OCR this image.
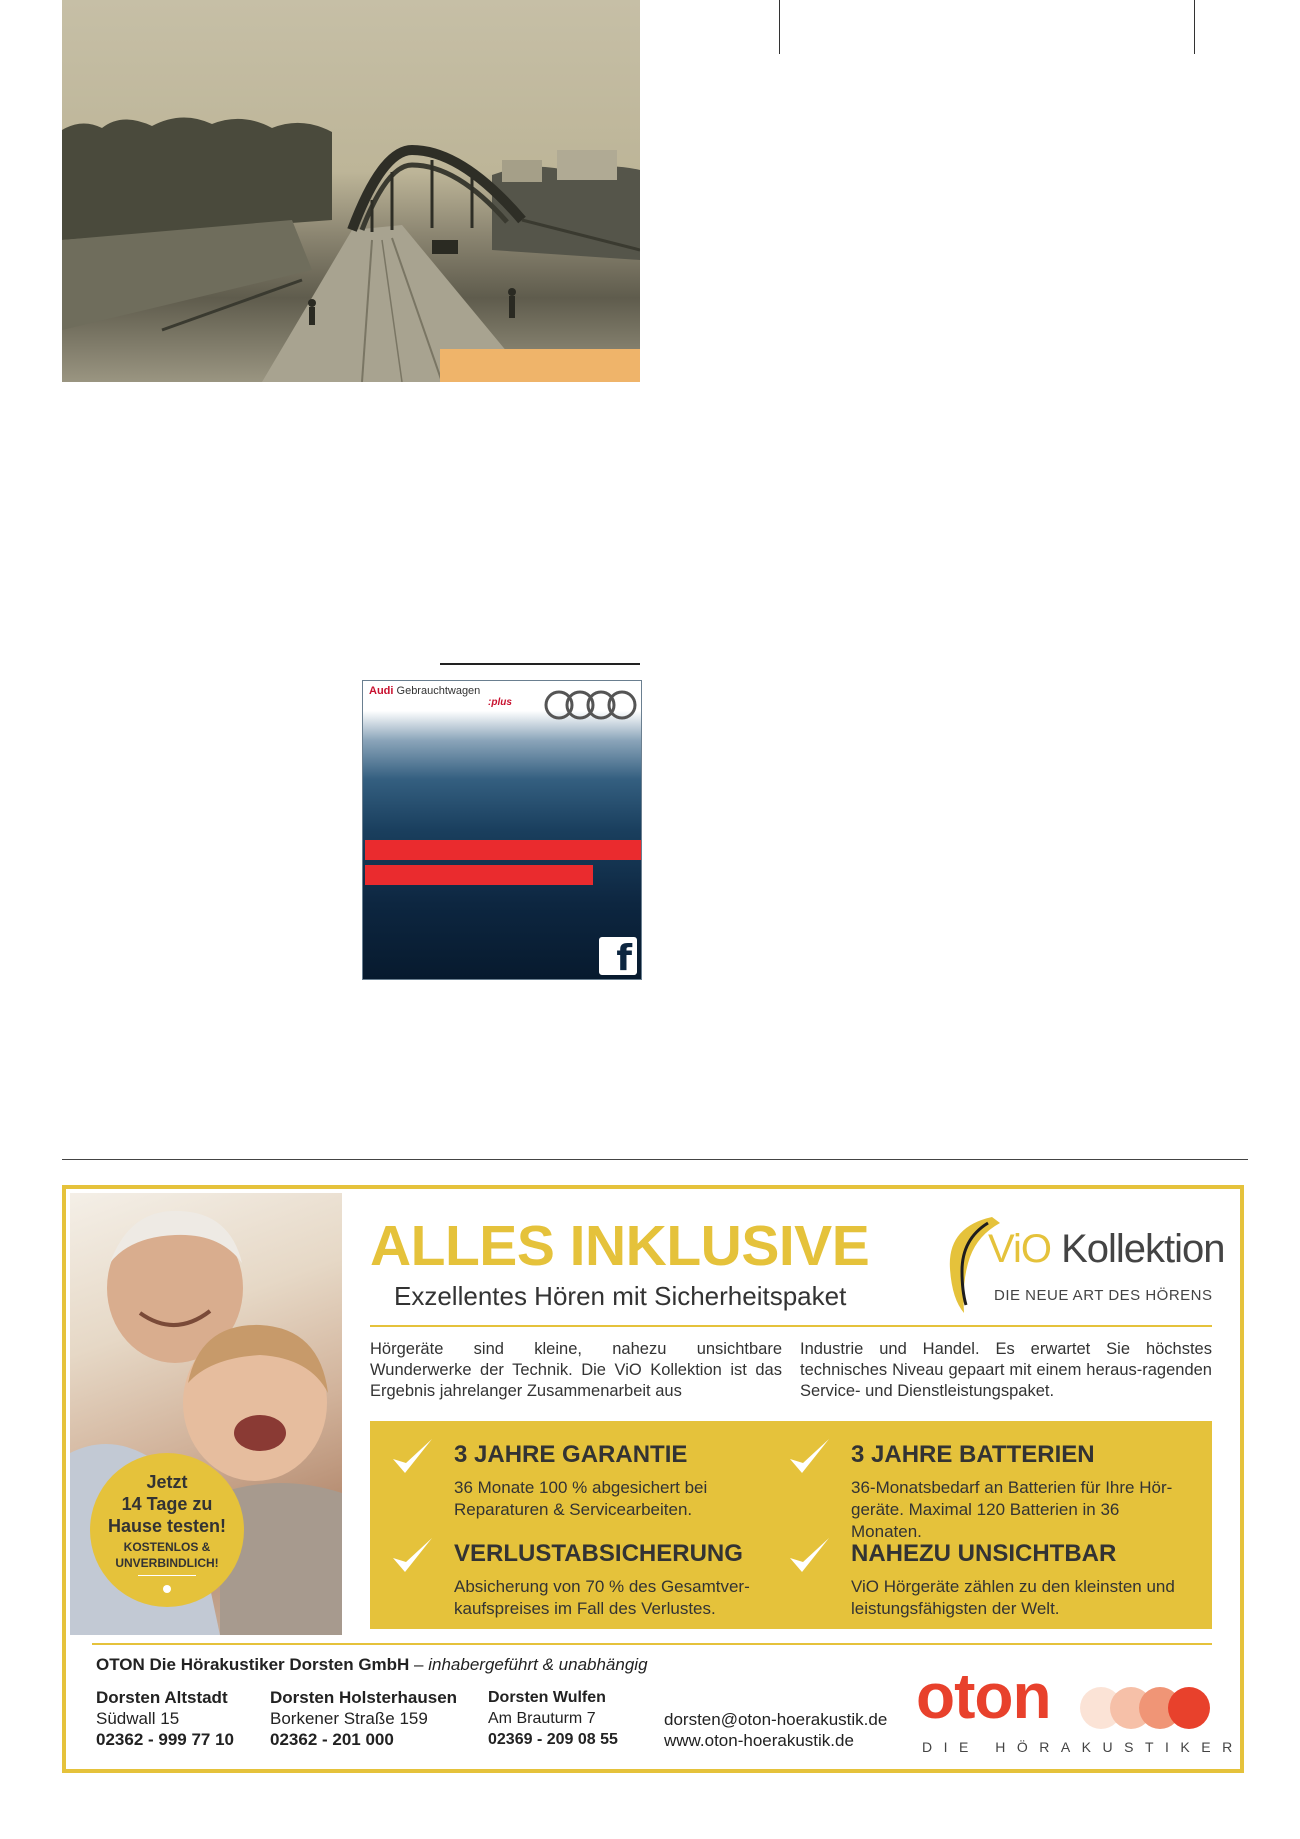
Audi Gebrauchtwagen
:plus
f
Jetzt
14 Tage zu
Hause testen!
KOSTENLOS &
UNVERBINDLICH!
ALLES INKLUSIVE
Exzellentes Hören mit Sicherheitspaket
ViO Kollektion
DIE NEUE ART DES HÖRENS
Hörgeräte sind kleine, nahezu unsichtbare Wunderwerke der Technik. Die ViO Kollektion ist das Ergebnis jahrelanger Zusammenarbeit aus
Industrie und Handel. Es erwartet Sie höchstes technisches Niveau gepaart mit einem heraus-ragenden Service- und Dienstleistungspaket.
3 JAHRE GARANTIE
36 Monate 100 % abgesichert bei Reparaturen & Servicearbeiten.
3 JAHRE BATTERIEN
36-Monatsbedarf an Batterien für Ihre Hör-geräte. Maximal 120 Batterien in 36 Monaten.
VERLUSTABSICHERUNG
Absicherung von 70 % des Gesamtver-kaufspreises im Fall des Verlustes.
NAHEZU UNSICHTBAR
ViO Hörgeräte zählen zu den kleinsten und leistungsfähigsten der Welt.
OTON Die Hörakustiker Dorsten GmbH – inhabergeführt & unabhängig
Dorsten Altstadt
Südwall 15
02362 - 999 77 10
Dorsten Holsterhausen
Borkener Straße 159
02362 - 201 000
Dorsten Wulfen
Am Brauturm 7
02369 - 209 08 55
dorsten@oton-hoerakustik.de
www.oton-hoerakustik.de
oton
DIE HÖRAKUSTIKER
